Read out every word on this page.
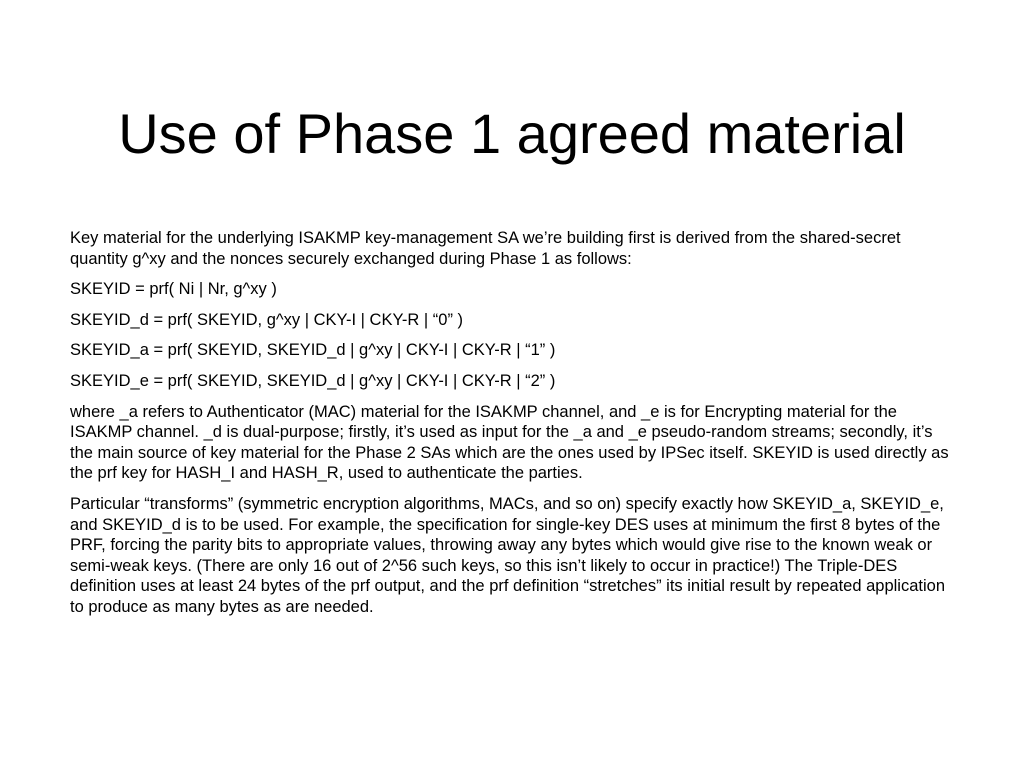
Use of Phase 1 agreed material

Key material for the underlying ISAKMP key-management SA we’re building first is derived from the shared-secret quantity g^xy and the nonces securely exchanged during Phase 1 as follows:

SKEYID = prf( Ni | Nr, g^xy )

SKEYID_d = prf( SKEYID, g^xy | CKY-I | CKY-R | “0” )

SKEYID_a = prf( SKEYID, SKEYID_d | g^xy | CKY-I | CKY-R | “1” )

SKEYID_e = prf( SKEYID, SKEYID_d | g^xy | CKY-I | CKY-R | “2” )

where _a refers to Authenticator (MAC) material for the ISAKMP channel, and _e is for Encrypting material for the ISAKMP channel. _d is dual-purpose; firstly, it’s used as input for the _a and _e pseudo-random streams; secondly, it’s the main source of key material for the Phase 2 SAs which are the ones used by IPSec itself. SKEYID is used directly as the prf key for HASH_I and HASH_R, used to authenticate the parties.

Particular “transforms” (symmetric encryption algorithms, MACs, and so on) specify exactly how SKEYID_a, SKEYID_e, and SKEYID_d is to be used. For example, the specification for single-key DES uses at minimum the first 8 bytes of the PRF, forcing the parity bits to appropriate values, throwing away any bytes which would give rise to the known weak or semi-weak keys. (There are only 16 out of 2^56 such keys, so this isn’t likely to occur in practice!) The Triple-DES definition uses at least 24 bytes of the prf output, and the prf definition “stretches” its initial result by repeated application to produce as many bytes as are needed.
